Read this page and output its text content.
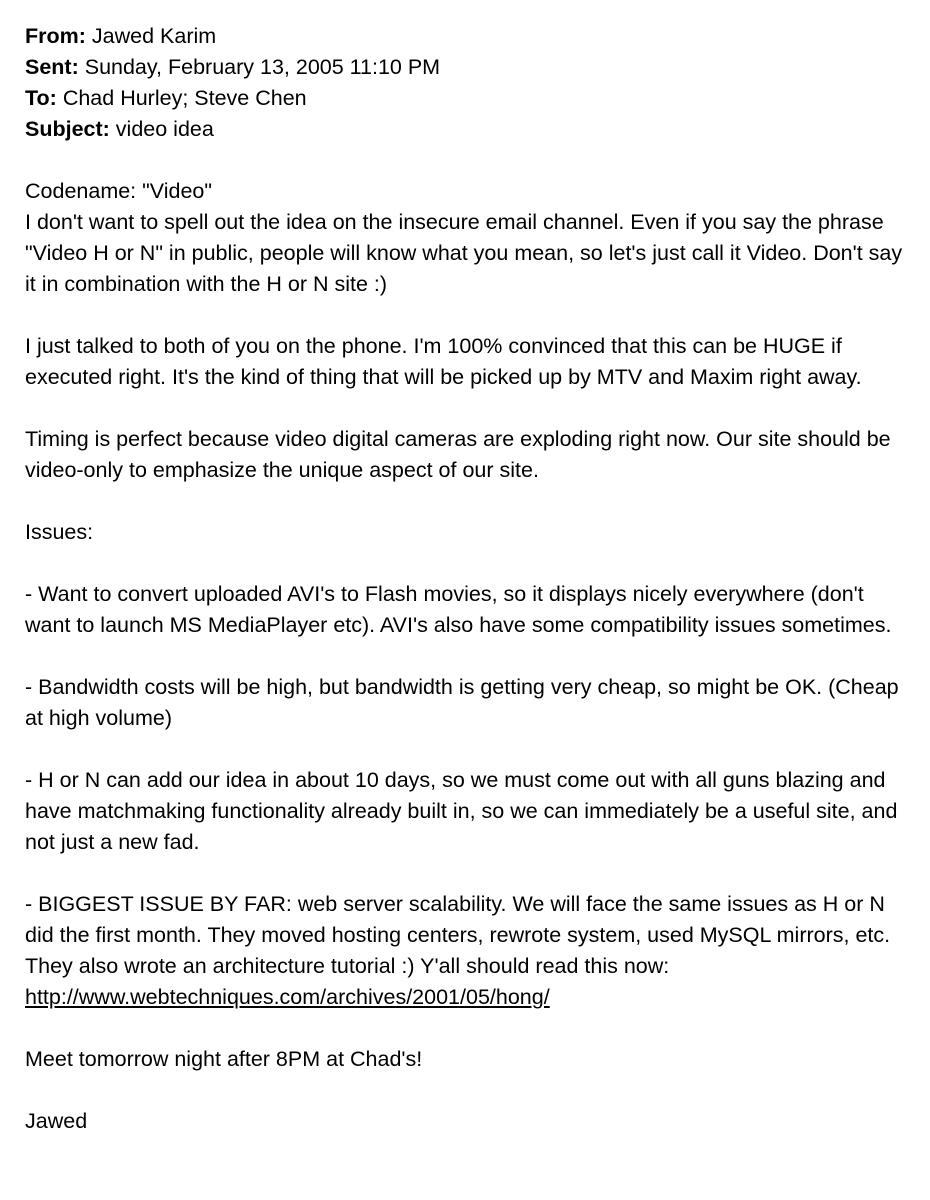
From: Jawed Karim

Sent: Sunday, February 13, 2005 11:10 PM

To: Chad Hurley; Steve Chen

Subject: video idea

Codename: "Video"

I don't want to spell out the idea on the insecure email channel. Even if you say the phrase "Video H or N" in public, people will know what you mean, so let's just call it Video. Don't say it in combination with the H or N site :)

I just talked to both of you on the phone. I'm 100% convinced that this can be HUGE if executed right. It's the kind of thing that will be picked up by MTV and Maxim right away.

Timing is perfect because video digital cameras are exploding right now. Our site should be video-only to emphasize the unique aspect of our site.

Issues:

- Want to convert uploaded AVI's to Flash movies, so it displays nicely everywhere (don't want to launch MS MediaPlayer etc). AVI's also have some compatibility issues sometimes.

- Bandwidth costs will be high, but bandwidth is getting very cheap, so might be OK. (Cheap at high volume)

- H or N can add our idea in about 10 days, so we must come out with all guns blazing and have matchmaking functionality already built in, so we can immediately be a useful site, and not just a new fad.

- BIGGEST ISSUE BY FAR: web server scalability. We will face the same issues as H or N did the first month. They moved hosting centers, rewrote system, used MySQL mirrors, etc. They also wrote an architecture tutorial :) Y'all should read this now:
http://www.webtechniques.com/archives/2001/05/hong/

Meet tomorrow night after 8PM at Chad's!

Jawed
